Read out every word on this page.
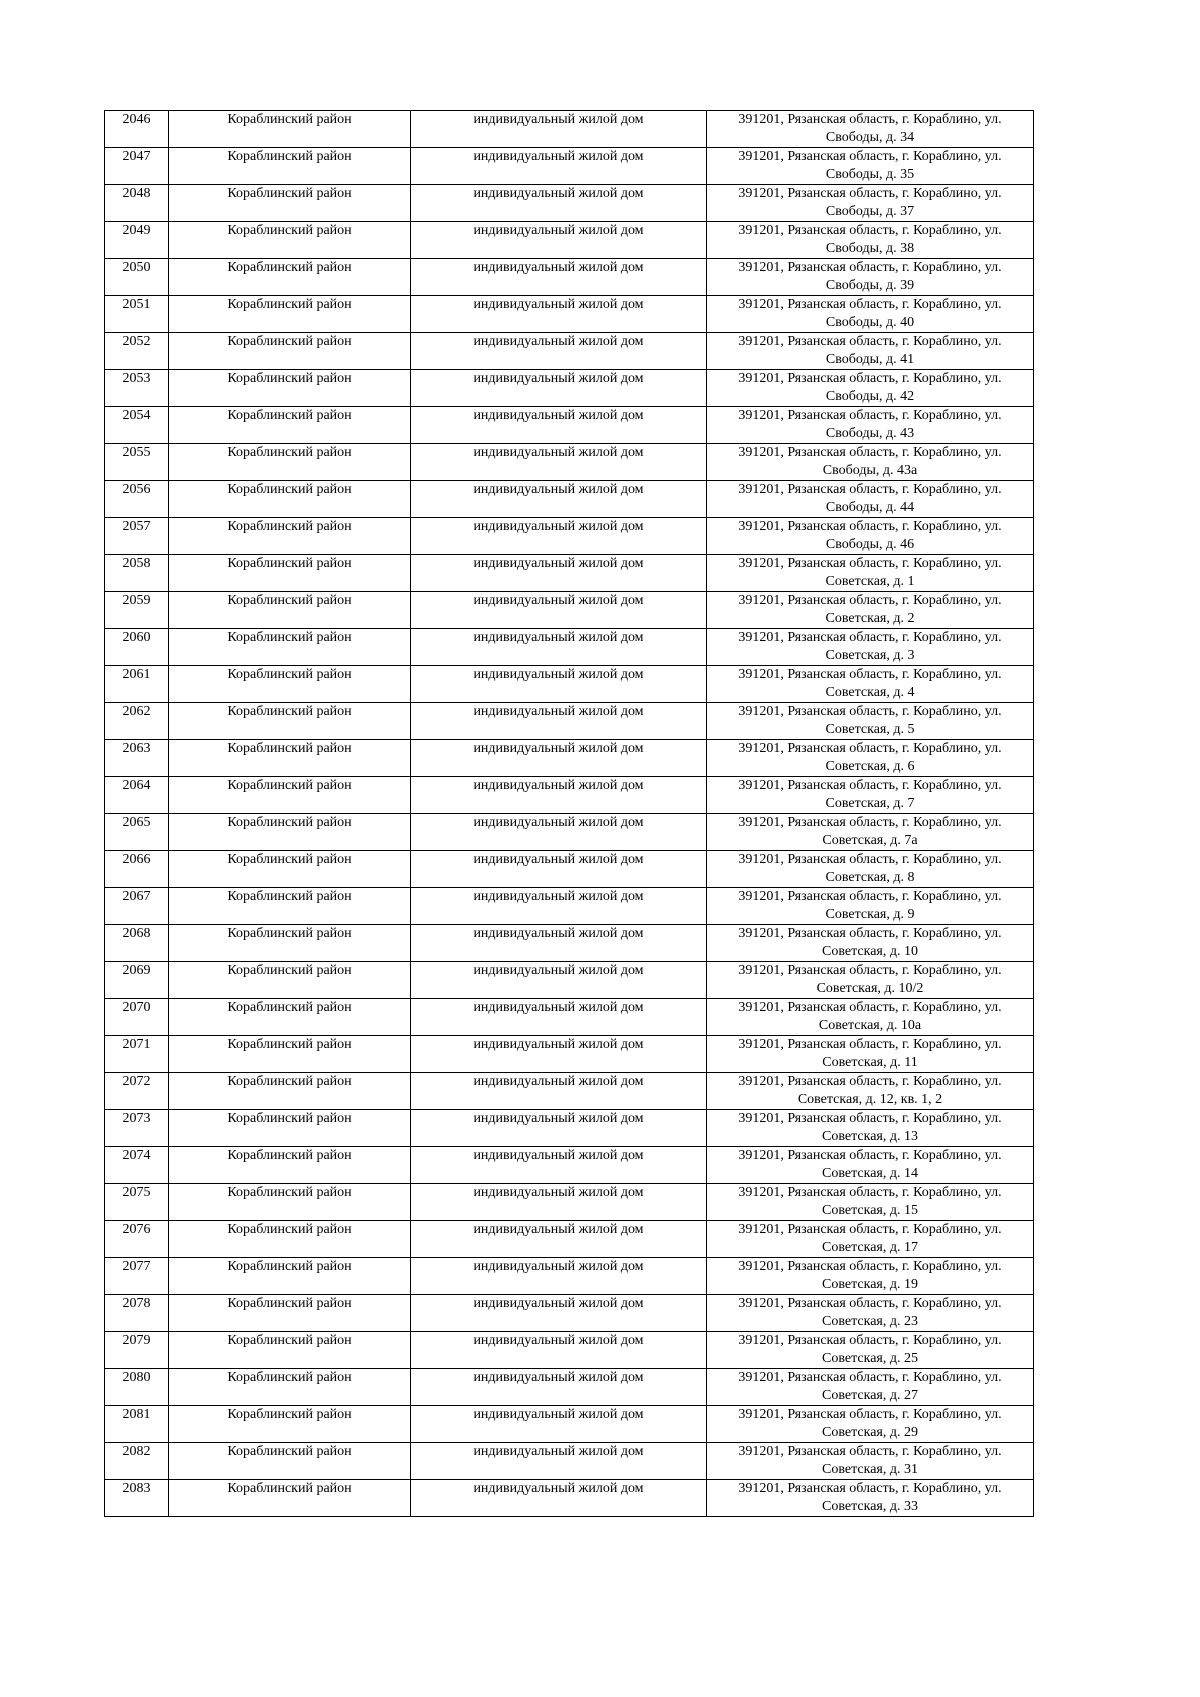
2046	Кораблинский район	индивидуальный жилой дом	391201, Рязанская область, г. Кораблино, ул. Свободы, д. 34
2047	Кораблинский район	индивидуальный жилой дом	391201, Рязанская область, г. Кораблино, ул. Свободы, д. 35
2048	Кораблинский район	индивидуальный жилой дом	391201, Рязанская область, г. Кораблино, ул. Свободы, д. 37
2049	Кораблинский район	индивидуальный жилой дом	391201, Рязанская область, г. Кораблино, ул. Свободы, д. 38
2050	Кораблинский район	индивидуальный жилой дом	391201, Рязанская область, г. Кораблино, ул. Свободы, д. 39
2051	Кораблинский район	индивидуальный жилой дом	391201, Рязанская область, г. Кораблино, ул. Свободы, д. 40
2052	Кораблинский район	индивидуальный жилой дом	391201, Рязанская область, г. Кораблино, ул. Свободы, д. 41
2053	Кораблинский район	индивидуальный жилой дом	391201, Рязанская область, г. Кораблино, ул. Свободы, д. 42
2054	Кораблинский район	индивидуальный жилой дом	391201, Рязанская область, г. Кораблино, ул. Свободы, д. 43
2055	Кораблинский район	индивидуальный жилой дом	391201, Рязанская область, г. Кораблино, ул. Свободы, д. 43а
2056	Кораблинский район	индивидуальный жилой дом	391201, Рязанская область, г. Кораблино, ул. Свободы, д. 44
2057	Кораблинский район	индивидуальный жилой дом	391201, Рязанская область, г. Кораблино, ул. Свободы, д. 46
2058	Кораблинский район	индивидуальный жилой дом	391201, Рязанская область, г. Кораблино, ул. Советская, д. 1
2059	Кораблинский район	индивидуальный жилой дом	391201, Рязанская область, г. Кораблино, ул. Советская, д. 2
2060	Кораблинский район	индивидуальный жилой дом	391201, Рязанская область, г. Кораблино, ул. Советская, д. 3
2061	Кораблинский район	индивидуальный жилой дом	391201, Рязанская область, г. Кораблино, ул. Советская, д. 4
2062	Кораблинский район	индивидуальный жилой дом	391201, Рязанская область, г. Кораблино, ул. Советская, д. 5
2063	Кораблинский район	индивидуальный жилой дом	391201, Рязанская область, г. Кораблино, ул. Советская, д. 6
2064	Кораблинский район	индивидуальный жилой дом	391201, Рязанская область, г. Кораблино, ул. Советская, д. 7
2065	Кораблинский район	индивидуальный жилой дом	391201, Рязанская область, г. Кораблино, ул. Советская, д. 7а
2066	Кораблинский район	индивидуальный жилой дом	391201, Рязанская область, г. Кораблино, ул. Советская, д. 8
2067	Кораблинский район	индивидуальный жилой дом	391201, Рязанская область, г. Кораблино, ул. Советская, д. 9
2068	Кораблинский район	индивидуальный жилой дом	391201, Рязанская область, г. Кораблино, ул. Советская, д. 10
2069	Кораблинский район	индивидуальный жилой дом	391201, Рязанская область, г. Кораблино, ул. Советская, д. 10/2
2070	Кораблинский район	индивидуальный жилой дом	391201, Рязанская область, г. Кораблино, ул. Советская, д. 10а
2071	Кораблинский район	индивидуальный жилой дом	391201, Рязанская область, г. Кораблино, ул. Советская, д. 11
2072	Кораблинский район	индивидуальный жилой дом	391201, Рязанская область, г. Кораблино, ул. Советская, д. 12, кв. 1, 2
2073	Кораблинский район	индивидуальный жилой дом	391201, Рязанская область, г. Кораблино, ул. Советская, д. 13
2074	Кораблинский район	индивидуальный жилой дом	391201, Рязанская область, г. Кораблино, ул. Советская, д. 14
2075	Кораблинский район	индивидуальный жилой дом	391201, Рязанская область, г. Кораблино, ул. Советская, д. 15
2076	Кораблинский район	индивидуальный жилой дом	391201, Рязанская область, г. Кораблино, ул. Советская, д. 17
2077	Кораблинский район	индивидуальный жилой дом	391201, Рязанская область, г. Кораблино, ул. Советская, д. 19
2078	Кораблинский район	индивидуальный жилой дом	391201, Рязанская область, г. Кораблино, ул. Советская, д. 23
2079	Кораблинский район	индивидуальный жилой дом	391201, Рязанская область, г. Кораблино, ул. Советская, д. 25
2080	Кораблинский район	индивидуальный жилой дом	391201, Рязанская область, г. Кораблино, ул. Советская, д. 27
2081	Кораблинский район	индивидуальный жилой дом	391201, Рязанская область, г. Кораблино, ул. Советская, д. 29
2082	Кораблинский район	индивидуальный жилой дом	391201, Рязанская область, г. Кораблино, ул. Советская, д. 31
2083	Кораблинский район	индивидуальный жилой дом	391201, Рязанская область, г. Кораблино, ул. Советская, д. 33
